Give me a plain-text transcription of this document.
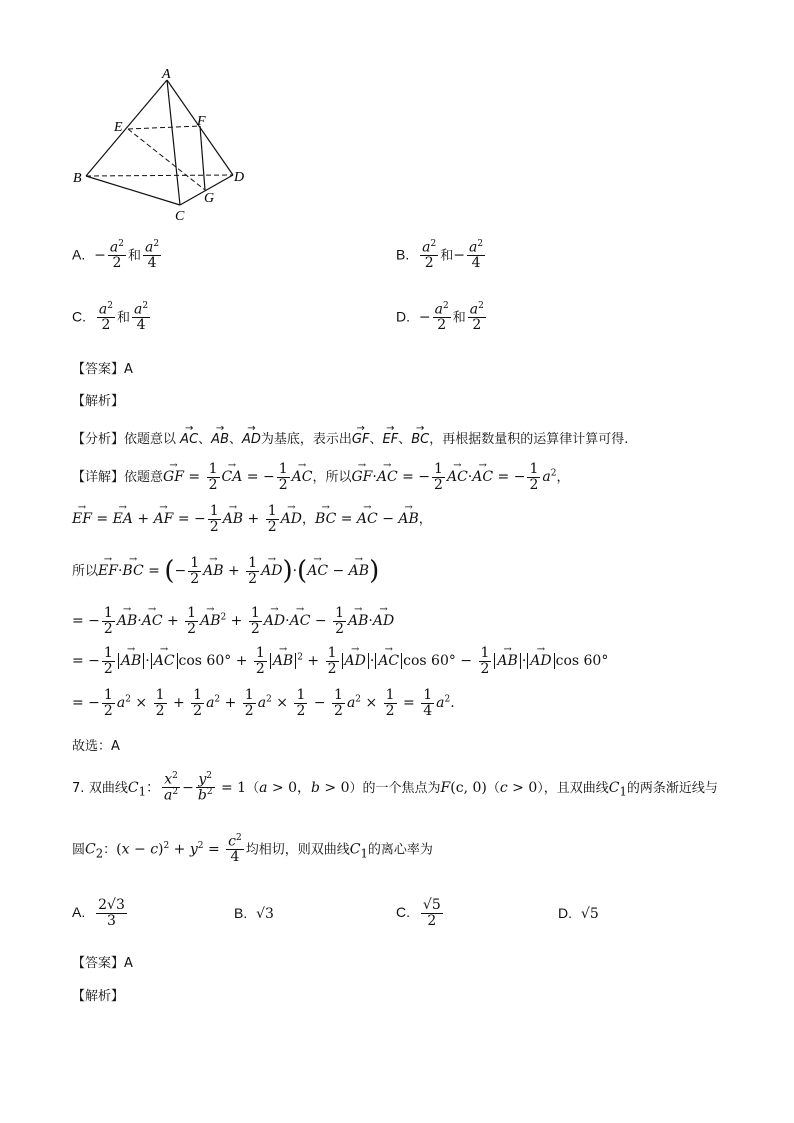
A
B
C
D
E	F
G
A.  − $\frac{a^2}{2}$ 和 $\frac{a^2}{4}$	B. $\frac{a^2}{2}$ 和− $\frac{a^2}{4}$
C. $\frac{a^2}{2}$ 和 $\frac{a^2}{4}$	D.  − $\frac{a^2}{2}$ 和 $\frac{a^2}{2}$
【答案】A
【解析】
【分析】依题意以 → AC、→ AB、→ AD为基底，表示出→ GF、→ EF、→ BC，再根据数量积的运算律计算可得.
【详解】依题意→ GF = $\frac{1}{2}$
→ CA = − $\frac{1}{2}$
→ AC，所以→ GF·→ AC = − $\frac{1}{2}$
→ AC·→ AC = − $\frac{1}{2} a^2$，
→ EF = → EA + → AF = − $\frac{1}{2}$
→ AB + $\frac{1}{2}$
→ AD，→ BC = → AC − → AB，
所以→ EF·→ BC = (− $\frac{1}{2}$
→ AB + $\frac{1}{2}$
→ AD)·(→ AC − → AB)
= − $\frac{1}{2}$
→ AB·→ AC + $\frac{1}{2}$
→ $AB^2 + \frac{1}{2}$
→ AD·→ AC − $\frac{1}{2}$
→ AB·→ AD
= − $\frac{1}{2}$
→ AB ·→ AC $\cos 60^\circ + \frac{1}{2}$
→ AB $^2 + \frac{1}{2}$
→ AD ·→ AC $\cos 60^\circ - \frac{1}{2}$
→ AB ·→ AD cos 60°
= − $\frac{1}{2} a^2 \times \frac{1}{2} + \frac{1}{2} a^2 + \frac{1}{2} a^2 \times \frac{1}{2} - \frac{1}{2} a^2 \times \frac{1}{2} = \frac{1}{4} a^2$.
故选：A
7. 双曲线$C_1$： $\frac{x^2}{a^2} - \frac{y^2}{b^2} = 1(a > 0$，b > 0）的一个焦点为F(c, 0)（c > 0），且双曲线$C_1$的两条渐近线与
圆$C_2$：$(x - c)^2 + y^2 = \frac{c^2}{4}$ 均相切，则双曲线$C_1$的离心率为
A. $\frac{2√3}{3}$	B.  √3	C. $\frac{√5}{2}$	D.  √5
【答案】A
【解析】
